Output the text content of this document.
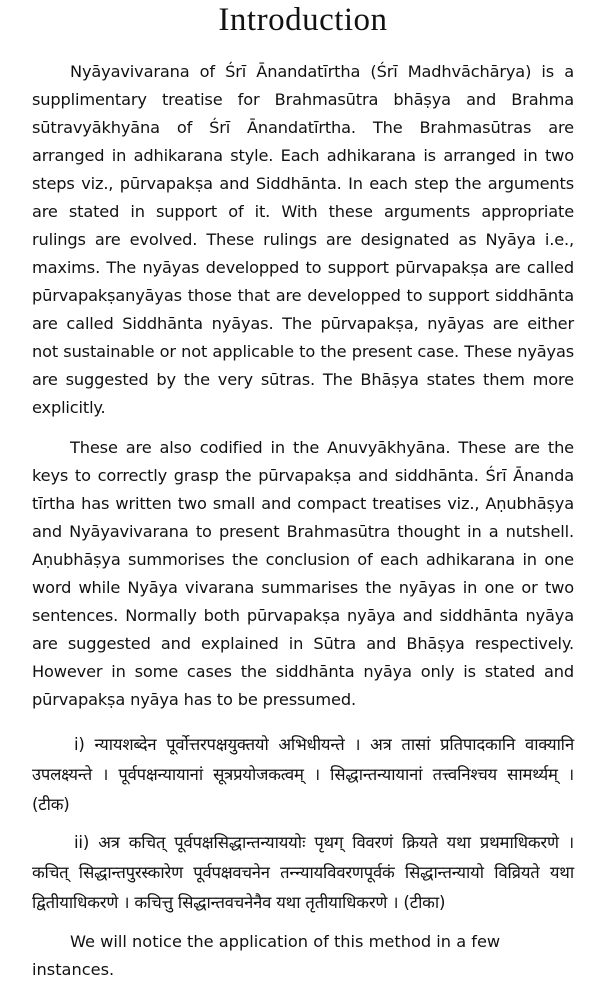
Introduction

Nyāyavivarana of Śrī Ānandatīrtha (Śrī Madhvāchārya) is a supplimentary treatise for Brahmasūtra bhāṣya and Brahma sūtravyākhyāna of Śrī Ānandatīrtha. The Brahmasūtras are arranged in adhikarana style. Each adhikarana is arranged in two steps viz., pūrvapakṣa and Siddhānta. In each step the arguments are stated in support of it. With these arguments appropriate rulings are evolved. These rulings are designated as Nyāya i.e., maxims. The nyāyas developped to support pūrvapakṣa are called pūrvapakṣanyāyas those that are developped to support siddhānta are called Siddhānta nyāyas. The pūrvapakṣa, nyāyas are either not sustainable or not applicable to the present case. These nyāyas are suggested by the very sūtras. The Bhāṣya states them more explicitly.

These are also codified in the Anuvyākhyāna. These are the keys to correctly grasp the pūrvapakṣa and siddhānta. Śrī Ānanda tīrtha has written two small and compact treatises viz., Aṇubhāṣya and Nyāyavivarana to present Brahmasūtra thought in a nutshell. Aṇubhāṣya summorises the conclusion of each adhikarana in one word while Nyāya vivarana summarises the nyāyas in one or two sentences. Normally both pūrvapakṣa nyāya and siddhānta nyāya are suggested and explained in Sūtra and Bhāṣya respectively. However in some cases the siddhānta nyāya only is stated and pūrvapakṣa nyāya has to be pressumed.

i) न्यायशब्देन पूर्वोत्तरपक्षयुक्तयो अभिधीयन्ते । अत्र तासां प्रतिपादकानि वाक्यानि उपलक्ष्यन्ते । पूर्वपक्षन्यायानां सूत्रप्रयोजकत्वम् । सिद्धान्तन्यायानां तत्त्वनिश्चय सामर्थ्यम् । (टीक)

ii) अत्र कचित् पूर्वपक्षसिद्धान्तन्याययोः पृथग् विवरणं क्रियते यथा प्रथमाधिकरणे । कचित् सिद्धान्तपुरस्कारेण पूर्वपक्षवचनेन तन्न्यायविवरणपूर्वकं सिद्धान्तन्यायो विव्रियते यथा द्वितीयाधिकरणे । कचित्तु सिद्धान्तवचनेनैव यथा तृतीयाधिकरणे । (टीका)

We will notice the application of this method in a few instances.
